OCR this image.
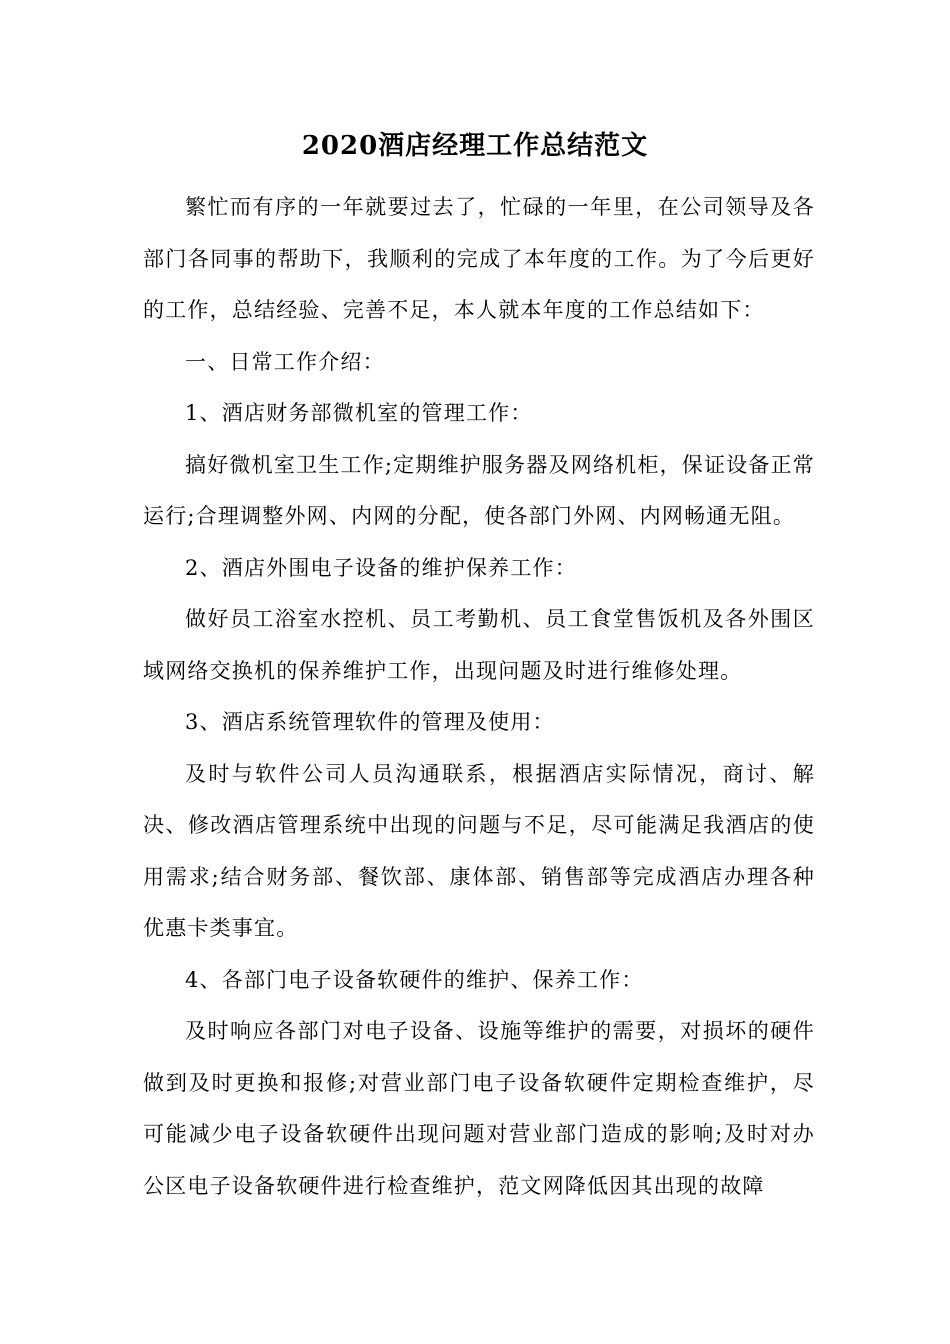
2020酒店经理工作总结范文

繁忙而有序的一年就要过去了，忙碌的一年里，在公司领导及各部门各同事的帮助下，我顺利的完成了本年度的工作。为了今后更好的工作，总结经验、完善不足，本人就本年度的工作总结如下：

一、日常工作介绍：

1、酒店财务部微机室的管理工作：

搞好微机室卫生工作;定期维护服务器及网络机柜，保证设备正常运行;合理调整外网、内网的分配，使各部门外网、内网畅通无阻。

2、酒店外围电子设备的维护保养工作：

做好员工浴室水控机、员工考勤机、员工食堂售饭机及各外围区域网络交换机的保养维护工作，出现问题及时进行维修处理。

3、酒店系统管理软件的管理及使用：

及时与软件公司人员沟通联系，根据酒店实际情况，商讨、解决、修改酒店管理系统中出现的问题与不足，尽可能满足我酒店的使用需求;结合财务部、餐饮部、康体部、销售部等完成酒店办理各种优惠卡类事宜。

4、各部门电子设备软硬件的维护、保养工作：

及时响应各部门对电子设备、设施等维护的需要，对损坏的硬件做到及时更换和报修;对营业部门电子设备软硬件定期检查维护，尽可能减少电子设备软硬件出现问题对营业部门造成的影响;及时对办公区电子设备软硬件进行检查维护，范文网降低因其出现的故障
